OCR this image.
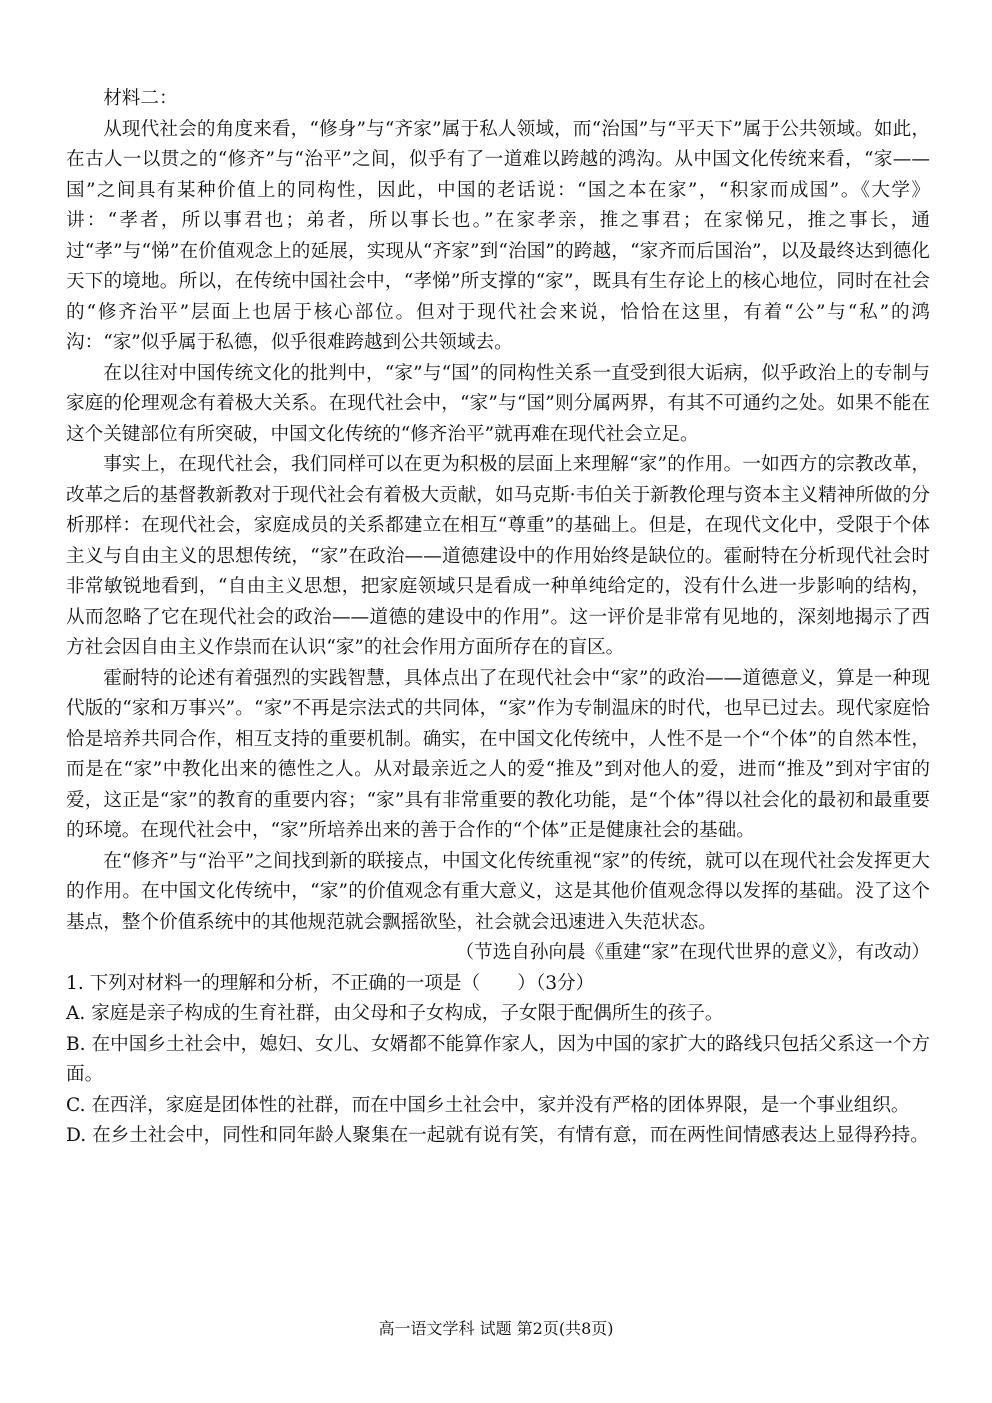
材料二：

从现代社会的角度来看，“修身”与“齐家”属于私人领域，而“治国”与“平天下”属于公共领域。如此，在古人一以贯之的“修齐”与“治平”之间，似乎有了一道难以跨越的鸿沟。从中国文化传统来看，“家——国”之间具有某种价值上的同构性，因此，中国的老话说：“国之本在家”，“积家而成国”。《大学》讲：“孝者，所以事君也；弟者，所以事长也。”在家孝亲，推之事君；在家悌兄，推之事长，通过“孝”与“悌”在价值观念上的延展，实现从“齐家”到“治国”的跨越，“家齐而后国治”，以及最终达到德化天下的境地。所以，在传统中国社会中，“孝悌”所支撑的“家”，既具有生存论上的核心地位，同时在社会的“修齐治平”层面上也居于核心部位。但对于现代社会来说，恰恰在这里，有着“公”与“私”的鸿沟：“家”似乎属于私德，似乎很难跨越到公共领域去。

在以往对中国传统文化的批判中，“家”与“国”的同构性关系一直受到很大诟病，似乎政治上的专制与家庭的伦理观念有着极大关系。在现代社会中，“家”与“国”则分属两界，有其不可通约之处。如果不能在这个关键部位有所突破，中国文化传统的“修齐治平”就再难在现代社会立足。

事实上，在现代社会，我们同样可以在更为积极的层面上来理解“家”的作用。一如西方的宗教改革，改革之后的基督教新教对于现代社会有着极大贡献，如马克斯·韦伯关于新教伦理与资本主义精神所做的分析那样：在现代社会，家庭成员的关系都建立在相互“尊重”的基础上。但是，在现代文化中，受限于个体主义与自由主义的思想传统，“家”在政治——道德建设中的作用始终是缺位的。霍耐特在分析现代社会时非常敏锐地看到，“自由主义思想，把家庭领域只是看成一种单纯给定的，没有什么进一步影响的结构，从而忽略了它在现代社会的政治——道德的建设中的作用”。这一评价是非常有见地的，深刻地揭示了西方社会因自由主义作祟而在认识“家”的社会作用方面所存在的盲区。

霍耐特的论述有着强烈的实践智慧，具体点出了在现代社会中“家”的政治——道德意义，算是一种现代版的“家和万事兴”。“家”不再是宗法式的共同体，“家”作为专制温床的时代，也早已过去。现代家庭恰恰是培养共同合作，相互支持的重要机制。确实，在中国文化传统中，人性不是一个“个体”的自然本性，而是在“家”中教化出来的德性之人。从对最亲近之人的爱“推及”到对他人的爱，进而“推及”到对宇宙的爱，这正是“家”的教育的重要内容；“家”具有非常重要的教化功能，是“个体”得以社会化的最初和最重要的环境。在现代社会中，“家”所培养出来的善于合作的“个体”正是健康社会的基础。

在“修齐”与“治平”之间找到新的联接点，中国文化传统重视“家”的传统，就可以在现代社会发挥更大的作用。在中国文化传统中，“家”的价值观念有重大意义，这是其他价值观念得以发挥的基础。没了这个基点，整个价值系统中的其他规范就会飘摇欲坠，社会就会迅速进入失范状态。

（节选自孙向晨《重建“家”在现代世界的意义》，有改动）

1. 下列对材料一的理解和分析，不正确的一项是（　　）（3分）

A. 家庭是亲子构成的生育社群，由父母和子女构成，子女限于配偶所生的孩子。

B. 在中国乡土社会中，媳妇、女儿、女婿都不能算作家人，因为中国的家扩大的路线只包括父系这一个方面。

C. 在西洋，家庭是团体性的社群，而在中国乡土社会中，家并没有严格的团体界限，是一个事业组织。

D. 在乡土社会中，同性和同年龄人聚集在一起就有说有笑，有情有意，而在两性间情感表达上显得矜持。

高一语文学科 试题 第2页(共8页)
